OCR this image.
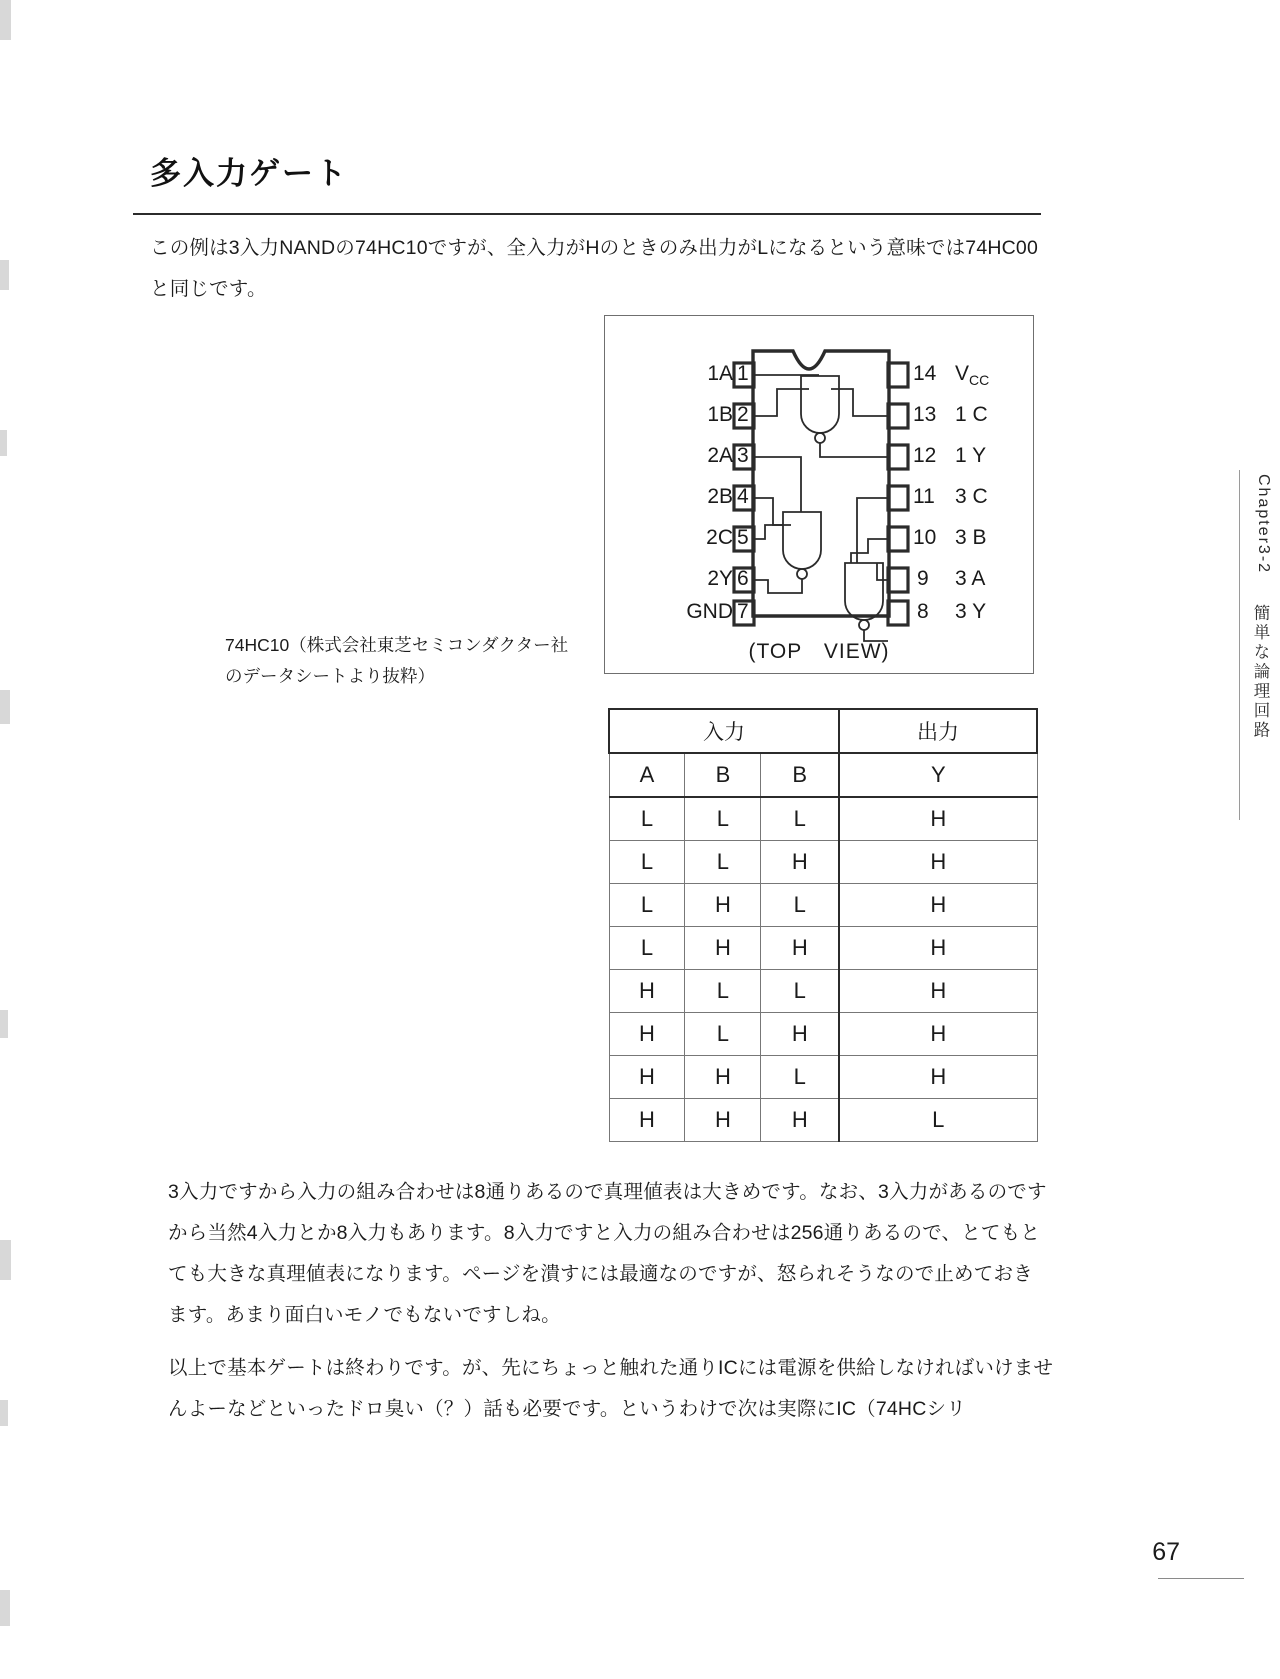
多入力ゲート
この例は3入力NANDの74HC10ですが、全入力がHのときのみ出力がLになるという意味では74HC00と同じです。
1A 1
1B 2
2A 3
2B 4
2C 5
2Y 6
GND 7
14 $V_{CC}$
13 1 C
12 1 Y
11 3 C
10 3 B
9	3 A
8	3 Y
(TOP　VIEW)
74HC10（株式会社東芝セミコンダクター社
のデータシートより抜粋）
入力			出力
A	B	B	Y
L	L	L	H
L	L	H	H
L	H	L	H
L	H	H	H
H	L	L	H
H	L	H	H
H	H	L	H
H	H	H	L
3入力ですから入力の組み合わせは8通りあるので真理値表は大きめです。なお、3入力があるのですから当然4入力とか8入力もあります。8入力ですと入力の組み合わせは256通りあるので、とてもとても大きな真理値表になります。ページを潰すには最適なのですが、怒られそうなので止めておきます。あまり面白いモノでもないですしね。
以上で基本ゲートは終わりです。が、先にちょっと触れた通りICには電源を供給しなければいけませんよーなどといったドロ臭い（？）話も必要です。というわけで次は実際にIC（74HCシリ
Chapter3-2
簡単な論理回路
67
